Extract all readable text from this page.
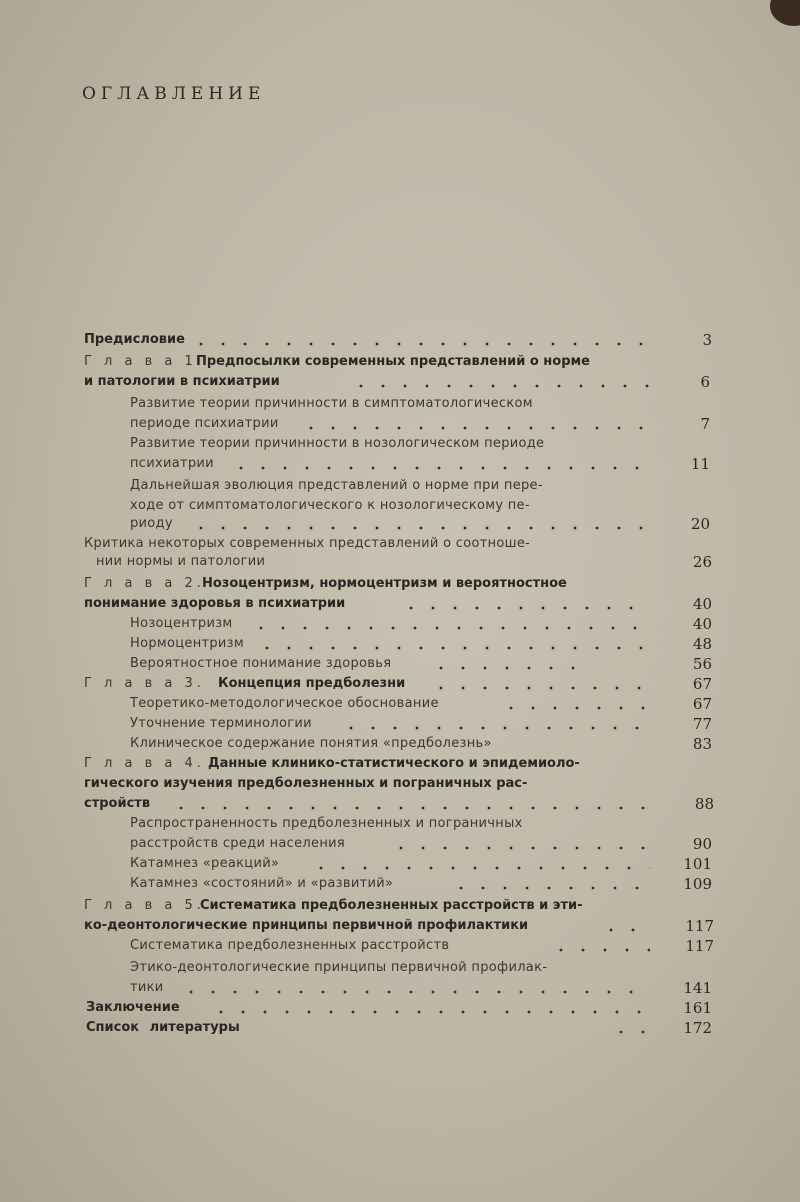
ОГЛАВЛЕНИЕ
Предисловие	3
Г л а в а 1.
Предпосылки современных представлений о норме
и патологии в психиатрии	6
Развитие теории причинности в симптоматологическом
периоде психиатрии	7
Развитие теории причинности в нозологическом периоде
психиатрии	11
Дальнейшая эволюция представлений о норме при пере-
ходе от симптоматологического к нозологическому пе-
риоду	20
Критика некоторых современных представлений о соотноше-
нии нормы и патологии	26
Г л а в а 2.
Нозоцентризм, нормоцентризм и вероятностное
понимание здоровья в психиатрии	40
Нозоцентризм	40
Нормоцентризм	48
Вероятностное понимание здоровья	56
Г л а в а 3. Концепция предболезни	67
Теоретико-методологическое обоснование	67
Уточнение терминологии	77
Клиническое содержание понятия «предболезнь»	83
Г л а в а 4. Данные клинико-статистического и эпидемиоло-
гического изучения предболезненных и пограничных рас-
стройств	88
Распространенность предболезненных и пограничных
расстройств среди населения	90
Катамнез «реакций»	101
Катамнез «состояний» и «развитий»	109
Г л а в а 5.
Систематика предболезненных расстройств и эти-
ко-деонтологические принципы первичной профилактики	117
Систематика предболезненных расстройств	117
Этико-деонтологические принципы первичной профилак-
тики	141
Заключение	161
Список литературы	172
